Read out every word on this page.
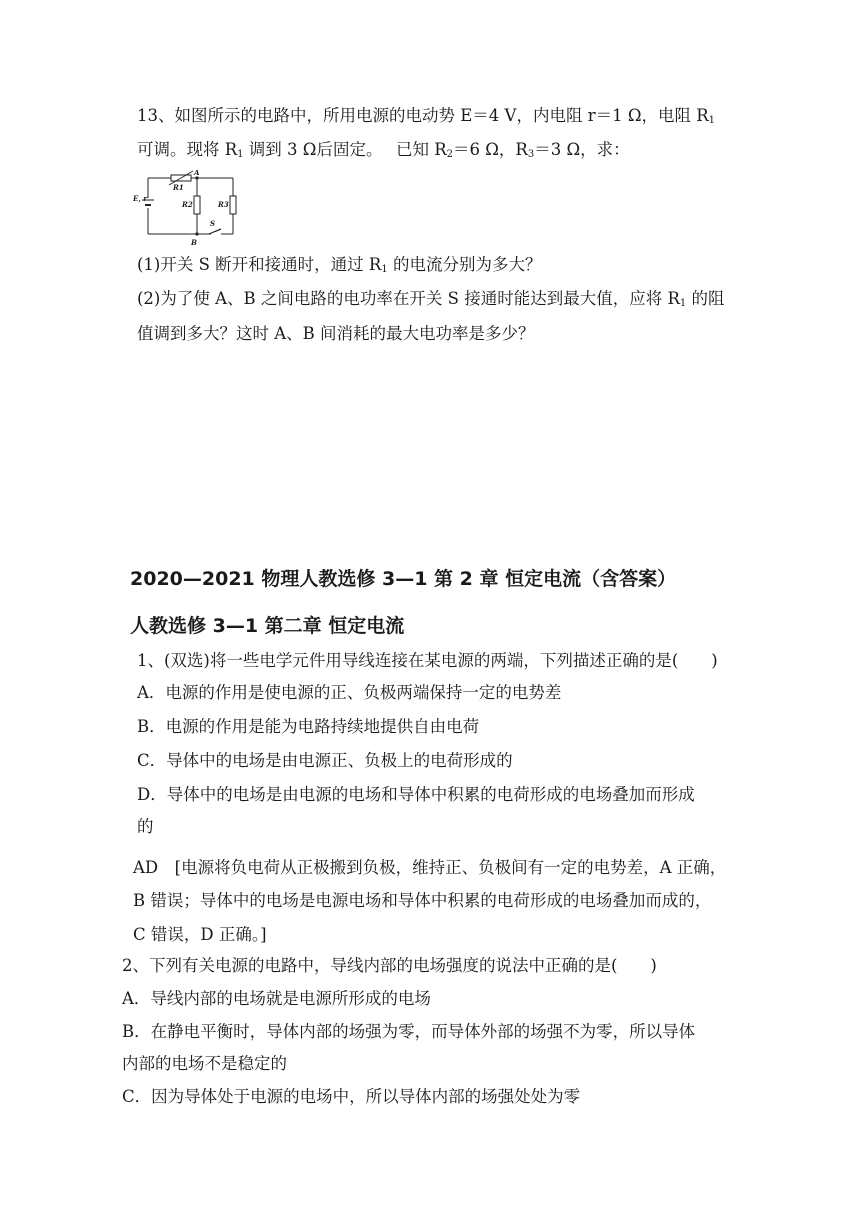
13、如图所示的电路中，所用电源的电动势 E＝4 V，内电阻 r＝1 Ω，电阻 $R_1$
可调。现将 $R_1$ 调到 3 Ω后固定。　 已知 $R_2=6$ Ω，$R_3=3$ Ω，求：
E, r
R1
A
R2	R3
S
B
(1)开关 S 断开和接通时，通过 $R_1$ 的电流分别为多大？
(2)为了使 A、B 之间电路的电功率在开关 S 接通时能达到最大值，应将 $R_1$ 的阻
值调到多大？这时 A、B 间消耗的最大电功率是多少？
2020—2021 物理人教选修 3—1 第 2 章 恒定电流（含答案）
人教选修 3—1 第二章 恒定电流
1、(双选)将一些电学元件用导线连接在某电源的两端，下列描述正确的是(　　)
A．电源的作用是使电源的正、负极两端保持一定的电势差
B．电源的作用是能为电路持续地提供自由电荷
C．导体中的电场是由电源正、负极上的电荷形成的
D．导体中的电场是由电源的电场和导体中积累的电荷形成的电场叠加而形成
的
AD　[电源将负电荷从正极搬到负极，维持正、负极间有一定的电势差，A 正确，
B 错误；导体中的电场是电源电场和导体中积累的电荷形成的电场叠加而成的，
C 错误，D 正确。]
2、下列有关电源的电路中，导线内部的电场强度的说法中正确的是(　　)
A．导线内部的电场就是电源所形成的电场
B．在静电平衡时，导体内部的场强为零，而导体外部的场强不为零，所以导体
内部的电场不是稳定的
C．因为导体处于电源的电场中，所以导体内部的场强处处为零
